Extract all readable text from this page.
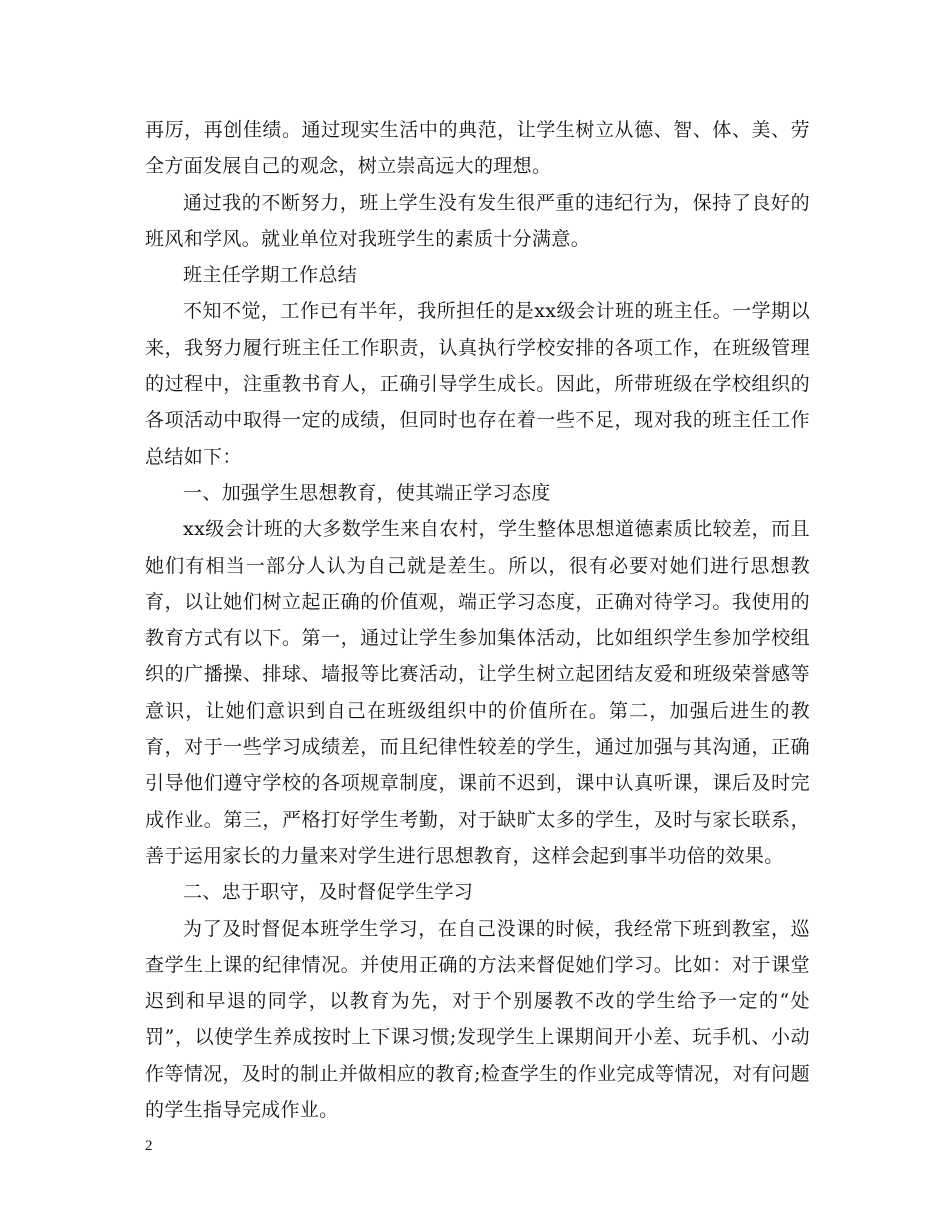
再厉，再创佳绩。通过现实生活中的典范，让学生树立从德、智、体、美、劳全方面发展自己的观念，树立崇高远大的理想。

通过我的不断努力，班上学生没有发生很严重的违纪行为，保持了良好的班风和学风。就业单位对我班学生的素质十分满意。

班主任学期工作总结

不知不觉，工作已有半年，我所担任的是xx级会计班的班主任。一学期以来，我努力履行班主任工作职责，认真执行学校安排的各项工作，在班级管理的过程中，注重教书育人，正确引导学生成长。因此，所带班级在学校组织的各项活动中取得一定的成绩，但同时也存在着一些不足，现对我的班主任工作总结如下：

一、加强学生思想教育，使其端正学习态度

xx级会计班的大多数学生来自农村，学生整体思想道德素质比较差，而且她们有相当一部分人认为自己就是差生。所以，很有必要对她们进行思想教育，以让她们树立起正确的价值观，端正学习态度，正确对待学习。我使用的教育方式有以下。第一，通过让学生参加集体活动，比如组织学生参加学校组织的广播操、排球、墙报等比赛活动，让学生树立起团结友爱和班级荣誉感等意识，让她们意识到自己在班级组织中的价值所在。第二，加强后进生的教育，对于一些学习成绩差，而且纪律性较差的学生，通过加强与其沟通，正确引导他们遵守学校的各项规章制度，课前不迟到，课中认真听课，课后及时完成作业。第三，严格打好学生考勤，对于缺旷太多的学生，及时与家长联系，善于运用家长的力量来对学生进行思想教育，这样会起到事半功倍的效果。

二、忠于职守，及时督促学生学习

为了及时督促本班学生学习，在自己没课的时候，我经常下班到教室，巡查学生上课的纪律情况。并使用正确的方法来督促她们学习。比如：对于课堂迟到和早退的同学，以教育为先，对于个别屡教不改的学生给予一定的“处罚”，以使学生养成按时上下课习惯;发现学生上课期间开小差、玩手机、小动作等情况，及时的制止并做相应的教育;检查学生的作业完成等情况，对有问题的学生指导完成作业。

2
